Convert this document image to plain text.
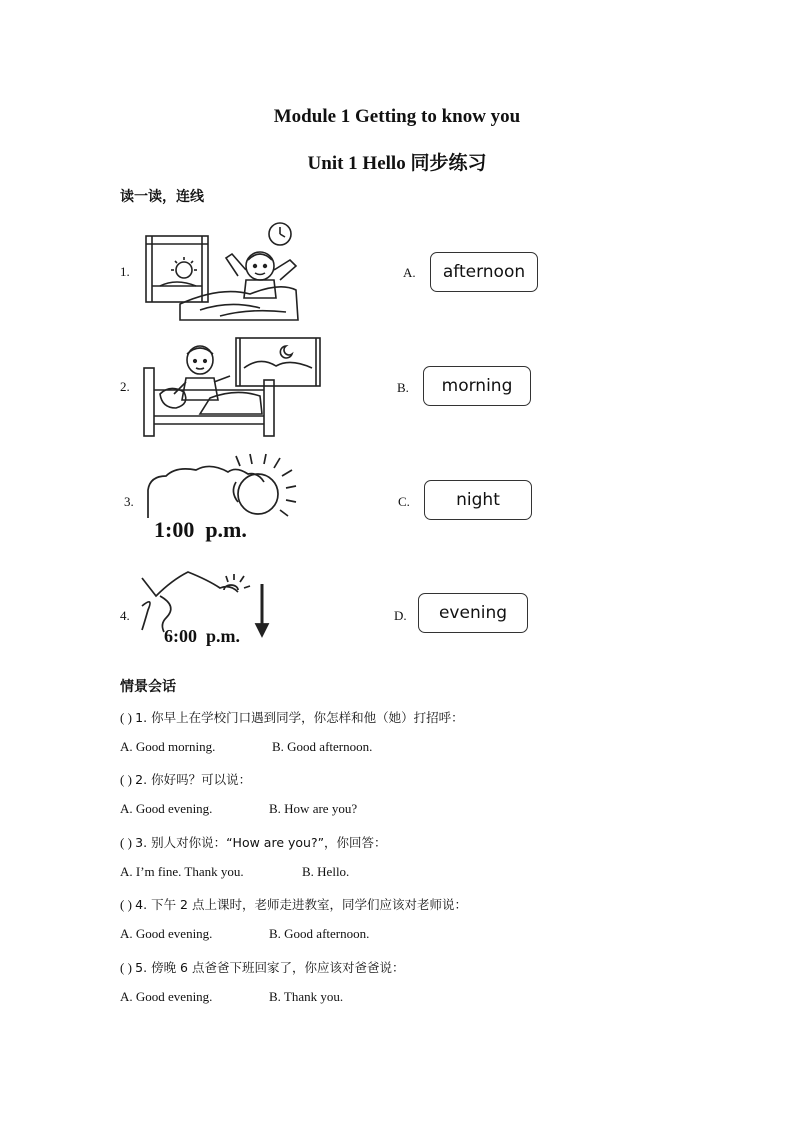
Module 1 Getting to know you
Unit 1 Hello 同步练习
读一读，连线
1.	A.	afternoon
2.	B.	morning
3.
1:00  p.m.
C.	night
4.
6:00  p.m.
D.	evening
情景会话
( ) 1. 你早上在学校门口遇到同学，你怎样和他（她）打招呼：
A. Good morning.	B. Good afternoon.
( ) 2. 你好吗？可以说：
A. Good evening.	B. How are you?
( ) 3. 别人对你说：“How are you?”，你回答：
A. I’m fine. Thank you.	B. Hello.
( ) 4. 下午 2 点上课时，老师走进教室，同学们应该对老师说：
A. Good evening.	B. Good afternoon.
( ) 5. 傍晚 6 点爸爸下班回家了，你应该对爸爸说：
A. Good evening.	B. Thank you.
